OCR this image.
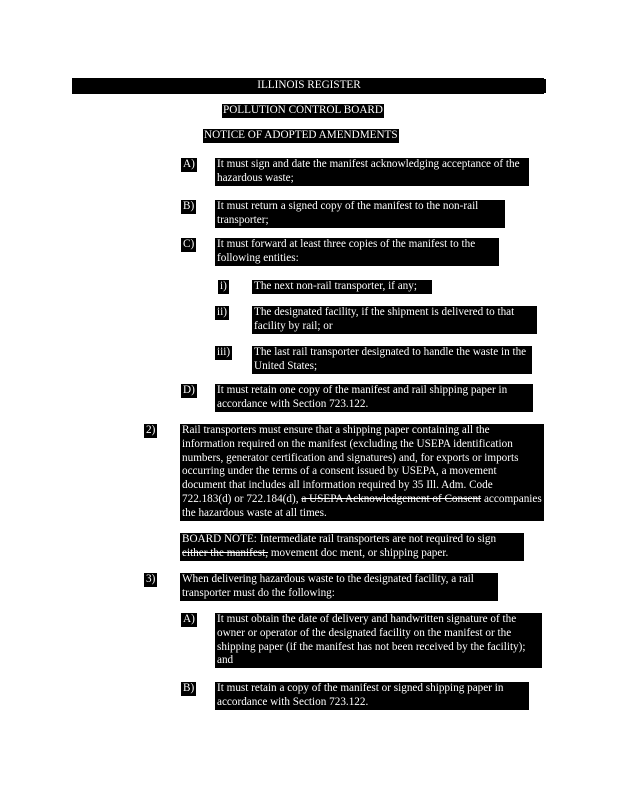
ILLINOIS REGISTER
POLLUTION CONTROL BOARD
NOTICE OF ADOPTED AMENDMENTS
A) It must sign and date the manifest acknowledging acceptance of the hazardous waste;
B) It must return a signed copy of the manifest to the non-rail transporter;
C) It must forward at least three copies of the manifest to the following entities:
i) The next non-rail transporter, if any;
ii) The designated facility, if the shipment is delivered to that facility by rail; or
iii) The last rail transporter designated to handle the waste in the United States;
D) It must retain one copy of the manifest and rail shipping paper in accordance with Section 723.122.
2) Rail transporters must ensure that a shipping paper containing all the information required on the manifest (excluding the USEPA identification numbers, generator certification and signatures) and, for exports or imports occurring under the terms of a consent issued by USEPA, a movement document that includes all information required by 35 Ill. Adm. Code 722.183(d) or 722.184(d), a USEPA Acknowledgement of Consent accompanies the hazardous waste at all times.
BOARD NOTE: Intermediate rail transporters are not required to sign either the manifest, movement doc ment, or shipping paper.
3) When delivering hazardous waste to the designated facility, a rail transporter must do the following:
A) It must obtain the date of delivery and handwritten signature of the owner or operator of the designated facility on the manifest or the shipping paper (if the manifest has not been received by the facility); and
B) It must retain a copy of the manifest or signed shipping paper in accordance with Section 723.122.
